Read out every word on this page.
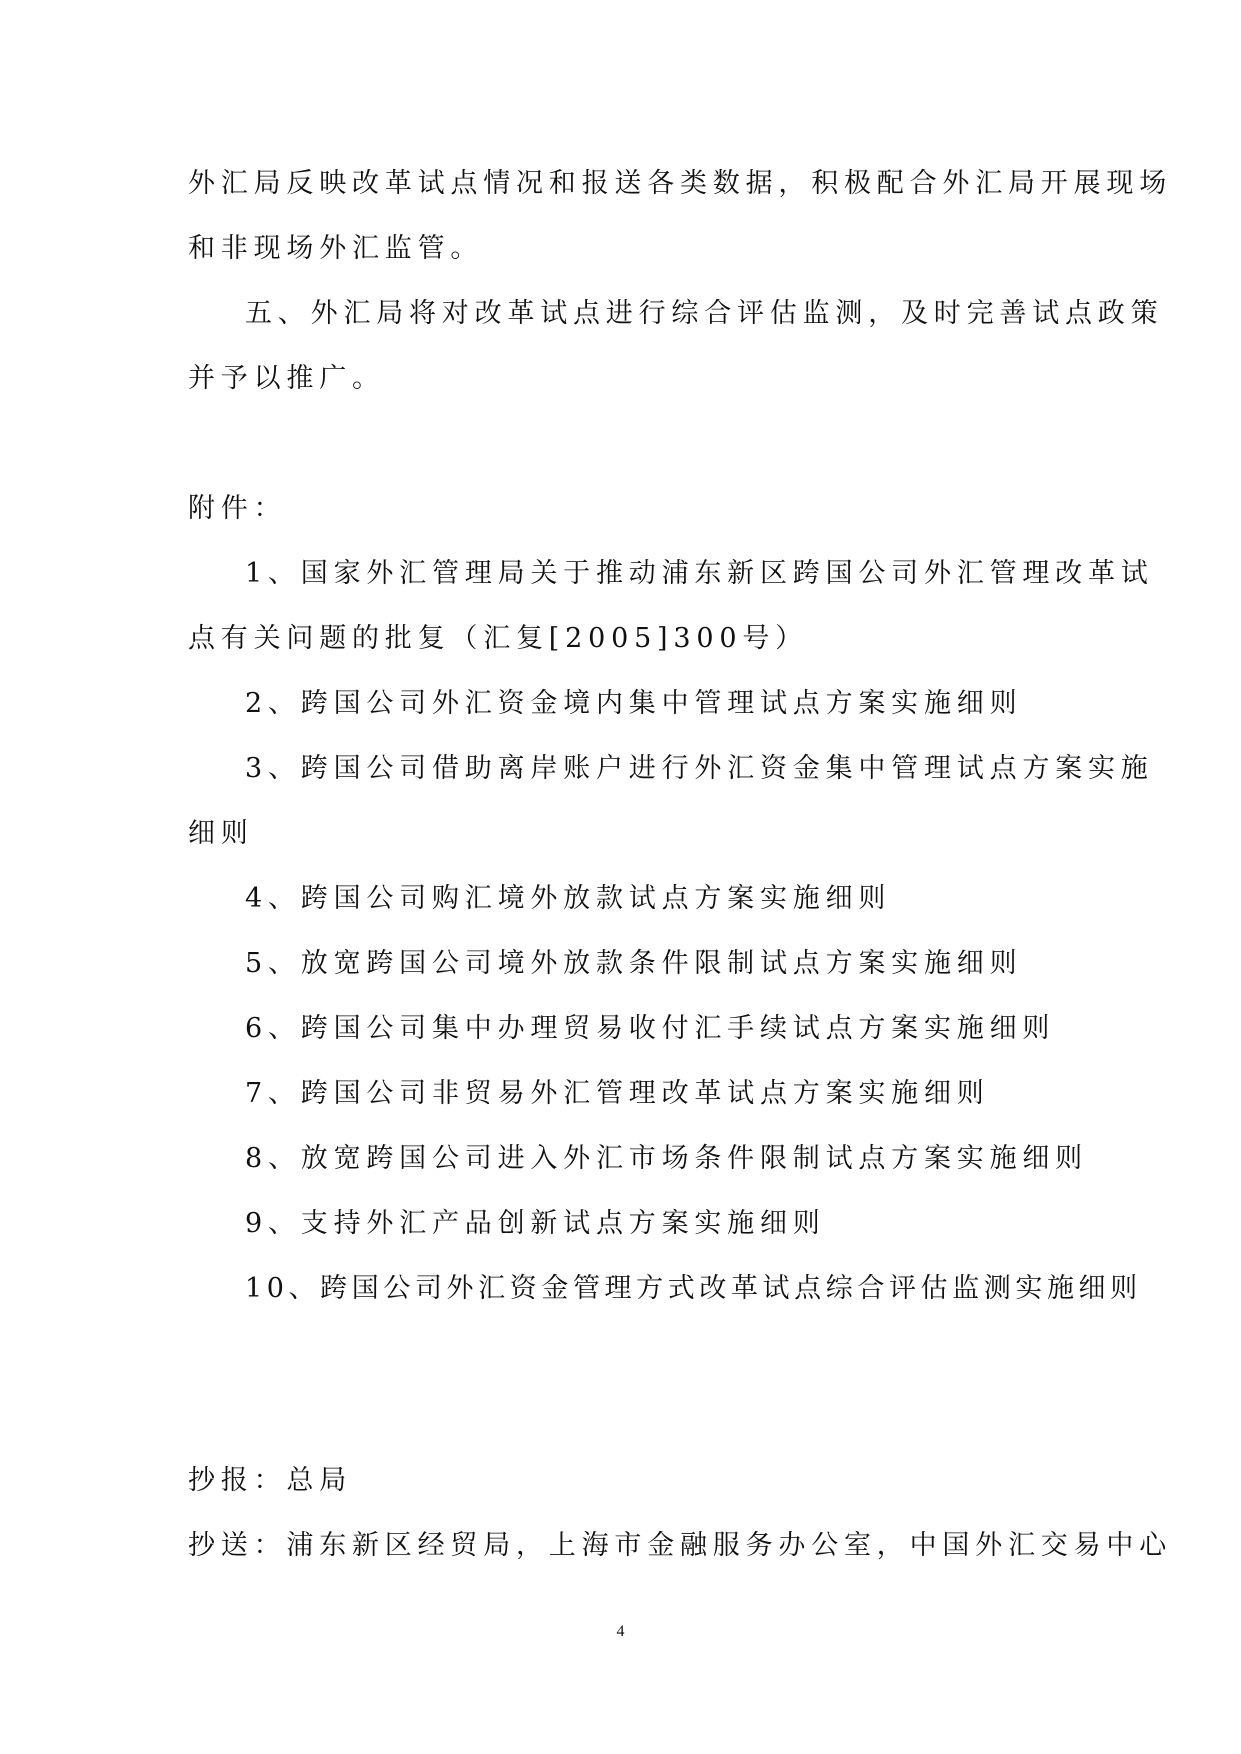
外汇局反映改革试点情况和报送各类数据，积极配合外汇局开展现场
和非现场外汇监管。
五、外汇局将对改革试点进行综合评估监测，及时完善试点政策
并予以推广。
附件：
1、国家外汇管理局关于推动浦东新区跨国公司外汇管理改革试
点有关问题的批复（汇复[2005]300号）
2、跨国公司外汇资金境内集中管理试点方案实施细则
3、跨国公司借助离岸账户进行外汇资金集中管理试点方案实施
细则
4、跨国公司购汇境外放款试点方案实施细则
5、放宽跨国公司境外放款条件限制试点方案实施细则
6、跨国公司集中办理贸易收付汇手续试点方案实施细则
7、跨国公司非贸易外汇管理改革试点方案实施细则
8、放宽跨国公司进入外汇市场条件限制试点方案实施细则
9、支持外汇产品创新试点方案实施细则
10、跨国公司外汇资金管理方式改革试点综合评估监测实施细则
抄报：总局
抄送：浦东新区经贸局，上海市金融服务办公室，中国外汇交易中心
4
